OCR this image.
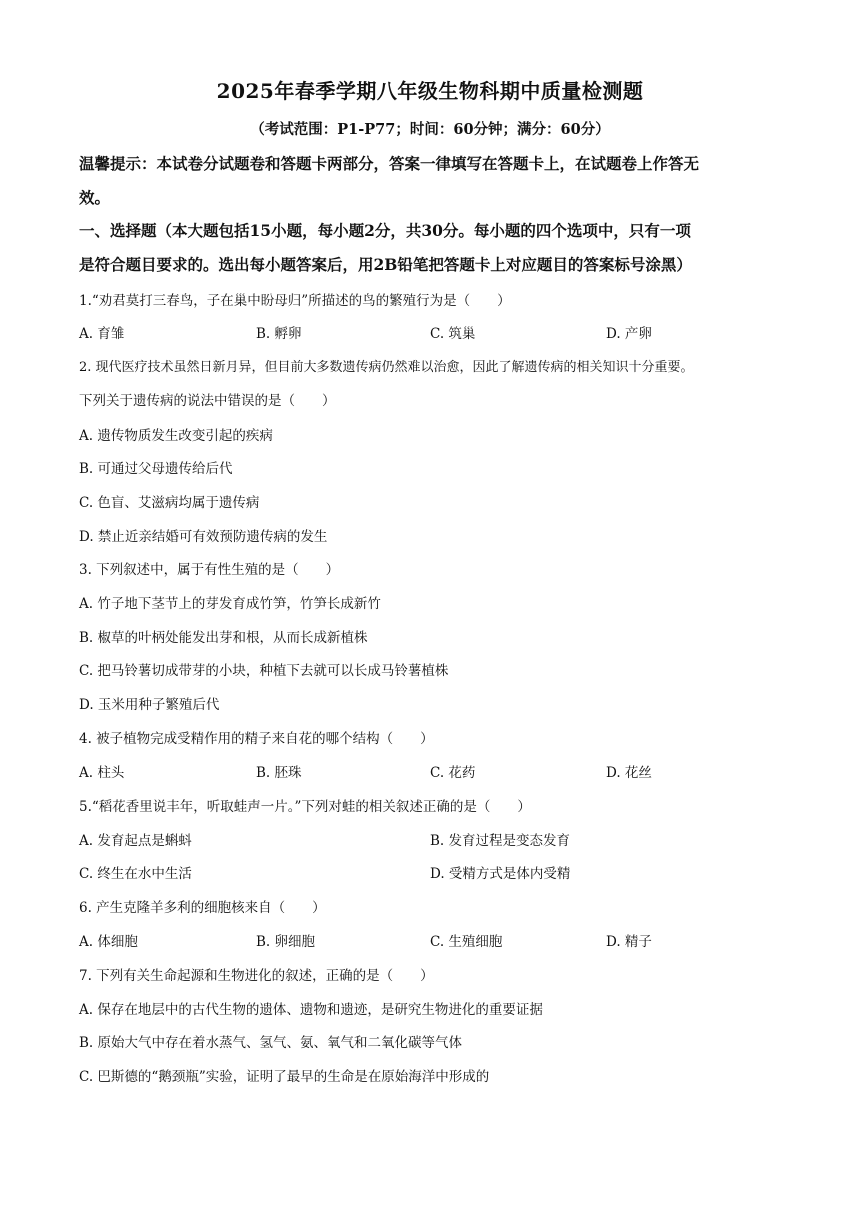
2025年春季学期八年级生物科期中质量检测题
（考试范围：P1-P77；时间：60分钟；满分：60分）
温馨提示：本试卷分试题卷和答题卡两部分，答案一律填写在答题卡上，在试题卷上作答无
效。
一、选择题（本大题包括15小题，每小题2分，共30分。每小题的四个选项中，只有一项
是符合题目要求的。选出每小题答案后，用2B铅笔把答题卡上对应题目的答案标号涂黑）
1.“劝君莫打三春鸟，子在巢中盼母归”所描述的鸟的繁殖行为是（　　）
A. 育雏	B. 孵卵	C. 筑巢	D. 产卵
2. 现代医疗技术虽然日新月异，但目前大多数遗传病仍然难以治愈，因此了解遗传病的相关知识十分重要。
下列关于遗传病的说法中错误的是（　　）
A. 遗传物质发生改变引起的疾病
B. 可通过父母遗传给后代
C. 色盲、艾滋病均属于遗传病
D. 禁止近亲结婚可有效预防遗传病的发生
3. 下列叙述中，属于有性生殖的是（　　）
A. 竹子地下茎节上的芽发育成竹笋，竹笋长成新竹
B. 椒草的叶柄处能发出芽和根，从而长成新植株
C. 把马铃薯切成带芽的小块，种植下去就可以长成马铃薯植株
D. 玉米用种子繁殖后代
4. 被子植物完成受精作用的精子来自花的哪个结构（　　）
A. 柱头	B. 胚珠	C. 花药	D. 花丝
5.“稻花香里说丰年，听取蛙声一片。”下列对蛙的相关叙述正确的是（　　）
A. 发育起点是蝌蚪	B. 发育过程是变态发育
C. 终生在水中生活	D. 受精方式是体内受精
6. 产生克隆羊多利的细胞核来自（　　）
A. 体细胞	B. 卵细胞	C. 生殖细胞	D. 精子
7. 下列有关生命起源和生物进化的叙述，正确的是（　　）
A. 保存在地层中的古代生物的遗体、遗物和遗迹，是研究生物进化的重要证据
B. 原始大气中存在着水蒸气、氢气、氨、氧气和二氧化碳等气体
C. 巴斯德的“鹅颈瓶”实验，证明了最早的生命是在原始海洋中形成的
